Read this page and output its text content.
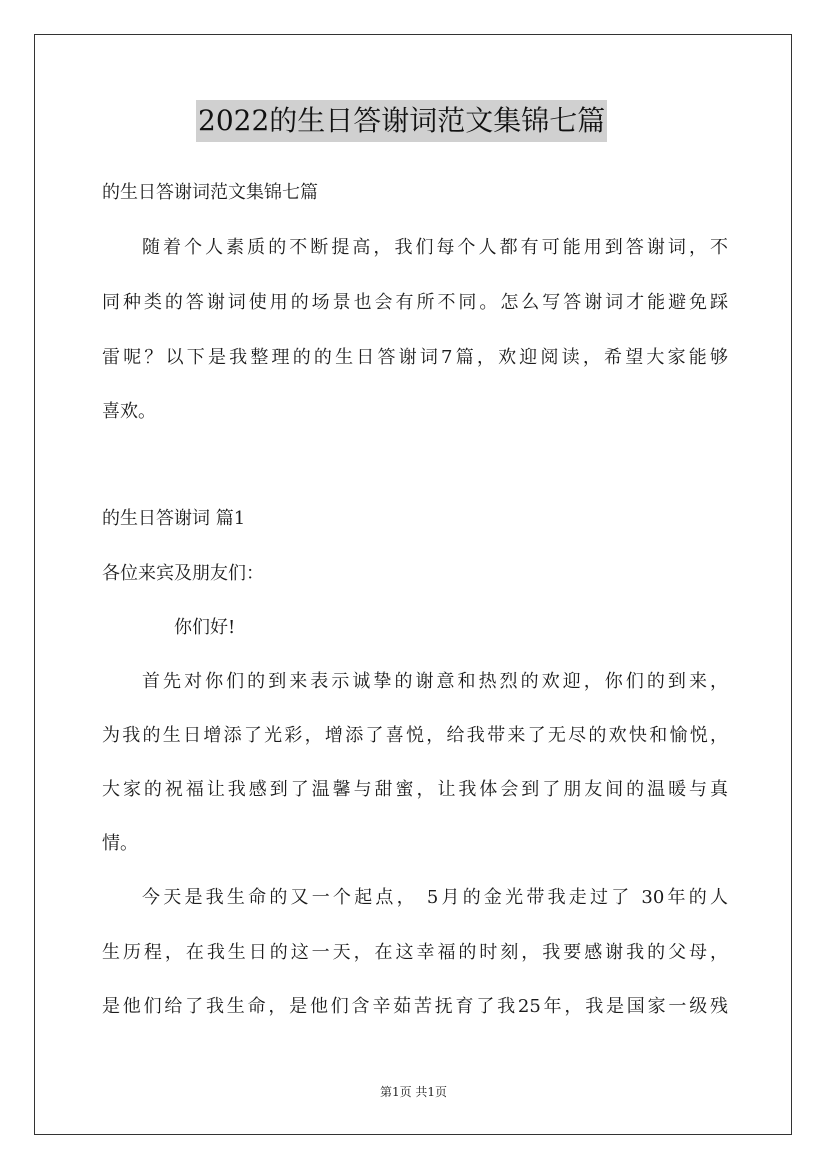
2022的生日答谢词范文集锦七篇
的生日答谢词范文集锦七篇
随着个人素质的不断提高，我们每个人都有可能用到答谢词，不
同种类的答谢词使用的场景也会有所不同。怎么写答谢词才能避免踩
雷呢？以下是我整理的的生日答谢词7篇，欢迎阅读，希望大家能够
喜欢。
的生日答谢词 篇1
各位来宾及朋友们：
你们好!
首先对你们的到来表示诚挚的谢意和热烈的欢迎，你们的到来，
为我的生日增添了光彩，增添了喜悦，给我带来了无尽的欢快和愉悦，
大家的祝福让我感到了温馨与甜蜜，让我体会到了朋友间的温暖与真
情。
今天是我生命的又一个起点， 5月的金光带我走过了 30年的人
生历程，在我生日的这一天，在这幸福的时刻，我要感谢我的父母，
是他们给了我生命，是他们含辛茹苦抚育了我25年，我是国家一级残
第1页 共1页
